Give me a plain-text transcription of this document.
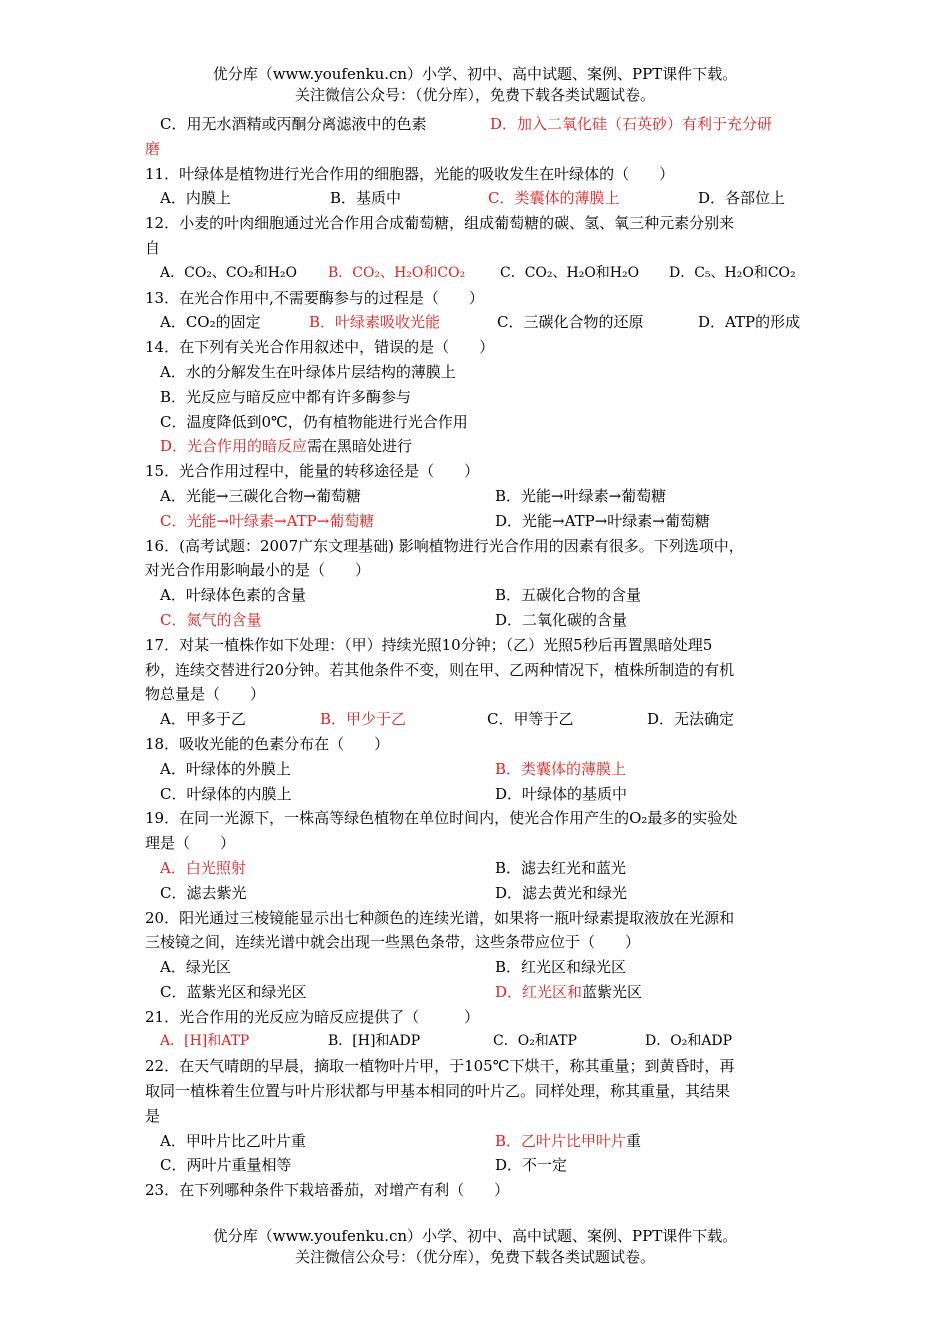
优分库（www.youfenku.cn）小学、初中、高中试题、案例、PPT课件下载。
关注微信公众号：（优分库），免费下载各类试题试卷。
C．用无水酒精或丙酮分离滤液中的色素	D．加入二氧化硅（石英砂）有利于充分研
磨
11．叶绿体是植物进行光合作用的细胞器，光能的吸收发生在叶绿体的（　　）
A．内膜上	B．基质中	C．类囊体的薄膜上	D．各部位上
12．小麦的叶肉细胞通过光合作用合成葡萄糖，组成葡萄糖的碳、氢、氧三种元素分别来
自
A．CO₂、CO₂和H₂O B．CO₂、H₂O和CO₂ C．CO₂、H₂O和H₂O D．C₅、H₂O和CO₂
13．在光合作用中,不需要酶参与的过程是（　　）
A．CO₂的固定	B．叶绿素吸收光能	C．三碳化合物的还原	D．ATP的形成
14．在下列有关光合作用叙述中，错误的是（　　）
A．水的分解发生在叶绿体片层结构的薄膜上
B．光反应与暗反应中都有许多酶参与
C．温度降低到0℃，仍有植物能进行光合作用
D．光合作用的暗反应需在黑暗处进行
15．光合作用过程中，能量的转移途径是（　　）
A．光能→三碳化合物→葡萄糖	B．光能→叶绿素→葡萄糖
C．光能→叶绿素→ATP→葡萄糖	D．光能→ATP→叶绿素→葡萄糖
16．(高考试题：2007广东文理基础) 影响植物进行光合作用的因素有很多。下列选项中，
对光合作用影响最小的是（　　）
A．叶绿体色素的含量	B．五碳化合物的含量
C．氮气的含量	D．二氧化碳的含量
17．对某一植株作如下处理：（甲）持续光照10分钟；（乙）光照5秒后再置黑暗处理5
秒，连续交替进行20分钟。若其他条件不变，则在甲、乙两种情况下，植株所制造的有机
物总量是（　　）
A．甲多于乙	B．甲少于乙	C．甲等于乙	D．无法确定
18．吸收光能的色素分布在（　　）
A．叶绿体的外膜上	B．类囊体的薄膜上
C．叶绿体的内膜上	D．叶绿体的基质中
19．在同一光源下，一株高等绿色植物在单位时间内，使光合作用产生的O₂最多的实验处
理是（　　）
A．白光照射	B．滤去红光和蓝光
C．滤去紫光	D．滤去黄光和绿光
20．阳光通过三棱镜能显示出七种颜色的连续光谱，如果将一瓶叶绿素提取液放在光源和
三棱镜之间，连续光谱中就会出现一些黑色条带，这些条带应位于（　　）
A．绿光区	B．红光区和绿光区
C．蓝紫光区和绿光区	D．红光区和蓝紫光区
21．光合作用的光反应为暗反应提供了（　　　）
A．[H]和ATP	B．[H]和ADP	C．O₂和ATP	D．O₂和ADP
22．在天气晴朗的早晨，摘取一植物叶片甲，于105℃下烘干，称其重量；到黄昏时，再
取同一植株着生位置与叶片形状都与甲基本相同的叶片乙。同样处理，称其重量，其结果
是
A．甲叶片比乙叶片重	B．乙叶片比甲叶片重
C．两叶片重量相等	D．不一定
23．在下列哪种条件下栽培番茄，对增产有利（　　）
优分库（www.youfenku.cn）小学、初中、高中试题、案例、PPT课件下载。
关注微信公众号：（优分库），免费下载各类试题试卷。
